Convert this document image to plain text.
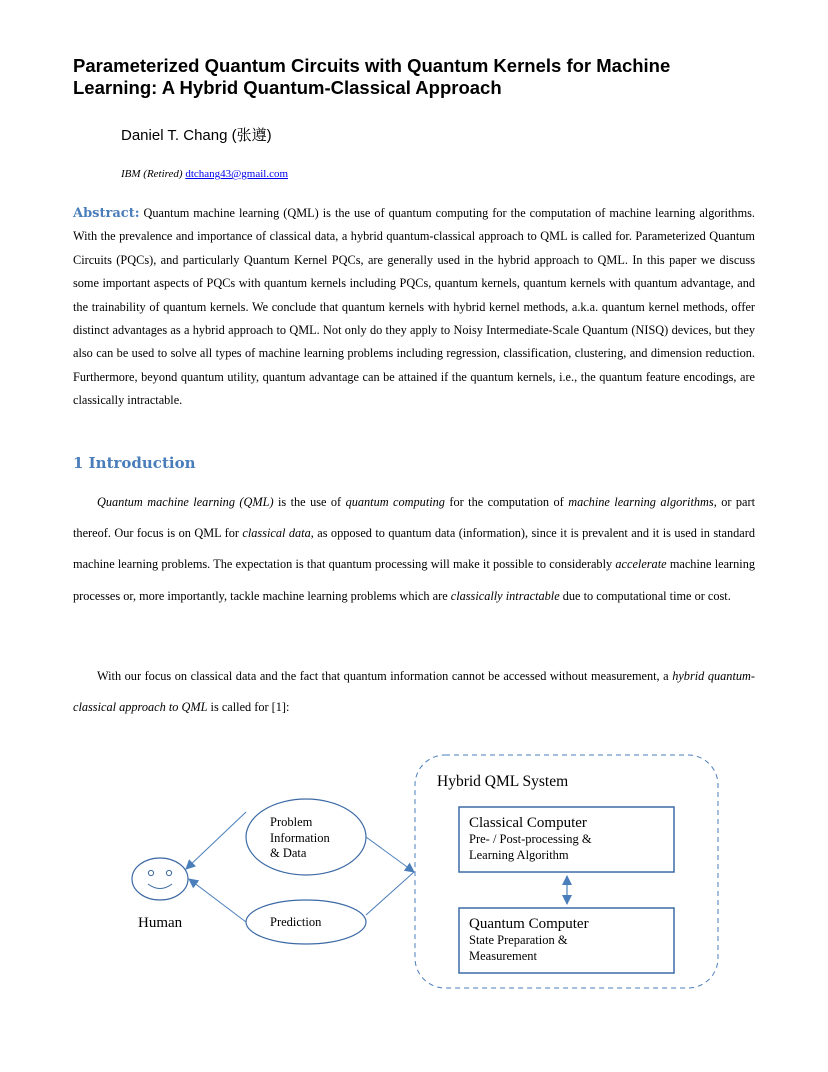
Parameterized Quantum Circuits with Quantum Kernels for Machine
Learning: A Hybrid Quantum-Classical Approach
Daniel T. Chang (张遵)
IBM (Retired) dtchang43@gmail.com
Abstract: Quantum machine learning (QML) is the use of quantum computing for the computation of machine learning algorithms. With the prevalence and importance of classical data, a hybrid quantum-classical approach to QML is called for. Parameterized Quantum Circuits (PQCs), and particularly Quantum Kernel PQCs, are generally used in the hybrid approach to QML. In this paper we discuss some important aspects of PQCs with quantum kernels including PQCs, quantum kernels, quantum kernels with quantum advantage, and the trainability of quantum kernels. We conclude that quantum kernels with hybrid kernel methods, a.k.a. quantum kernel methods, offer distinct advantages as a hybrid approach to QML. Not only do they apply to Noisy Intermediate-Scale Quantum (NISQ) devices, but they also can be used to solve all types of machine learning problems including regression, classification, clustering, and dimension reduction. Furthermore, beyond quantum utility, quantum advantage can be attained if the quantum kernels, i.e., the quantum feature encodings, are classically intractable.
1 Introduction

Quantum machine learning (QML) is the use of quantum computing for the computation of machine learning algorithms, or part thereof. Our focus is on QML for classical data, as opposed to quantum data (information), since it is prevalent and it is used in standard machine learning problems. The expectation is that quantum processing will make it possible to considerably accelerate machine learning processes or, more importantly, tackle machine learning problems which are classically intractable due to computational time or cost.

With our focus on classical data and the fact that quantum information cannot be accessed without measurement, a hybrid quantum-classical approach to QML is called for [1]:

Human
Problem
Information
& Data
Prediction
Hybrid QML System
Classical Computer
Pre- / Post-processing &
Learning Algorithm
Quantum Computer
State Preparation &
Measurement
